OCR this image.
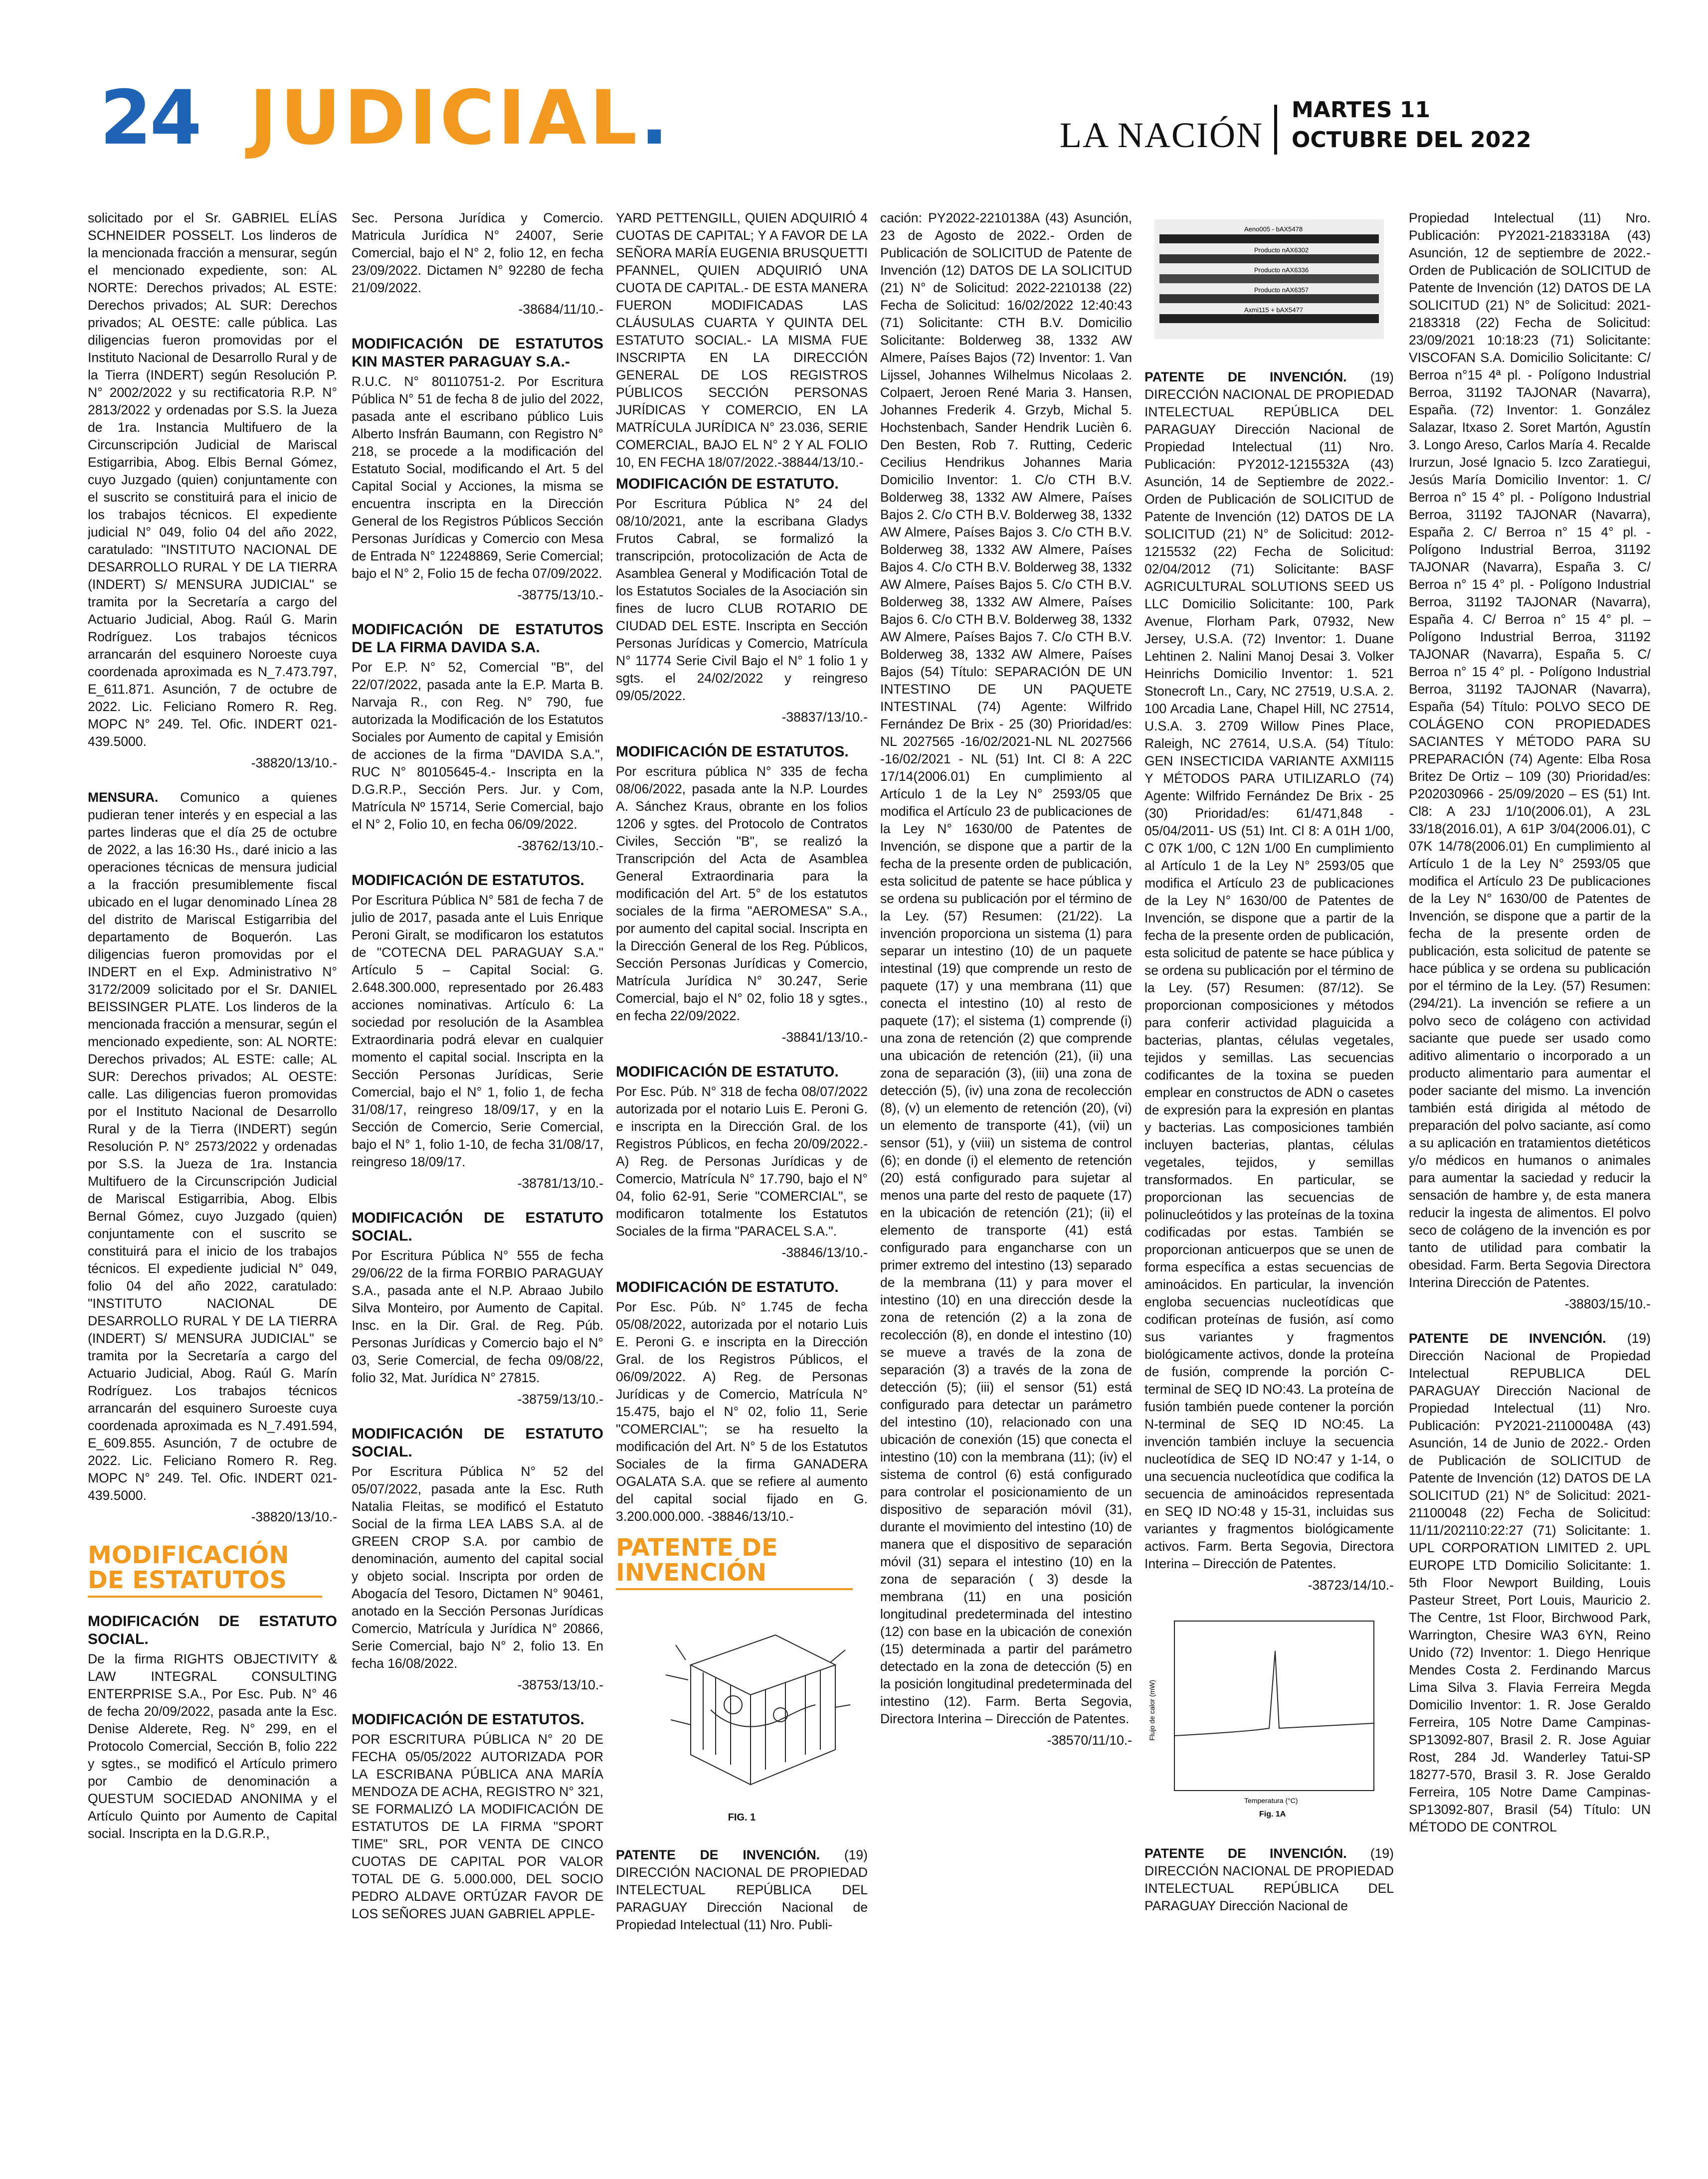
24 JUDICIAL.	LA NACIÓN
MARTES 11
OCTUBRE DEL 2022

solicitado por el Sr. GABRIEL ELÍAS SCHNEIDER POSSELT. Los linderos de la mencionada fracción a mensurar, según el mencionado expediente, son: AL NORTE: Derechos privados; AL ESTE: Derechos privados; AL SUR: Derechos privados; AL OESTE: calle pública. Las diligencias fueron promovidas por el Instituto Nacional de Desarrollo Rural y de la Tierra (INDERT) según Resolución P. N° 2002/2022 y su rectificatoria R.P. N° 2813/2022 y ordenadas por S.S. la Jueza de 1ra. Instancia Multifuero de la Circunscripción Judicial de Mariscal Estigarribia, Abog. Elbis Bernal Gómez, cuyo Juzgado (quien) conjuntamente con el suscrito se constituirá para el inicio de los trabajos técnicos. El expediente judicial N° 049, folio 04 del año 2022, caratulado: "INSTITUTO NACIONAL DE DESARROLLO RURAL Y DE LA TIERRA (INDERT) S/ MENSURA JUDICIAL" se tramita por la Secretaría a cargo del Actuario Judicial, Abog. Raúl G. Marin Rodríguez. Los trabajos técnicos arrancarán del esquinero Noroeste cuya coordenada aproximada es N_7.473.797, E_611.871. Asunción, 7 de octubre de 2022. Lic. Feliciano Romero R. Reg. MOPC N° 249. Tel. Ofic. INDERT 021-439.5000.

-38820/13/10.-

MENSURA. Comunico a quienes pudieran tener interés y en especial a las partes linderas que el día 25 de octubre de 2022, a las 16:30 Hs., daré inicio a las operaciones técnicas de mensura judicial a la fracción presumiblemente fiscal ubicado en el lugar denominado Línea 28 del distrito de Mariscal Estigarribia del departamento de Boquerón. Las diligencias fueron promovidas por el INDERT en el Exp. Administrativo N° 3172/2009 solicitado por el Sr. DANIEL BEISSINGER PLATE. Los linderos de la mencionada fracción a mensurar, según el mencionado expediente, son: AL NORTE: Derechos privados; AL ESTE: calle; AL SUR: Derechos privados; AL OESTE: calle. Las diligencias fueron promovidas por el Instituto Nacional de Desarrollo Rural y de la Tierra (INDERT) según Resolución P. N° 2573/2022 y ordenadas por S.S. la Jueza de 1ra. Instancia Multifuero de la Circunscripción Judicial de Mariscal Estigarribia, Abog. Elbis Bernal Gómez, cuyo Juzgado (quien) conjuntamente con el suscrito se constituirá para el inicio de los trabajos técnicos. El expediente judicial N° 049, folio 04 del año 2022, caratulado: "INSTITUTO NACIONAL DE DESARROLLO RURAL Y DE LA TIERRA (INDERT) S/ MENSURA JUDICIAL" se tramita por la Secretaría a cargo del Actuario Judicial, Abog. Raúl G. Marín Rodríguez. Los trabajos técnicos arrancarán del esquinero Suroeste cuya coordenada aproximada es N_7.491.594, E_609.855. Asunción, 7 de octubre de 2022. Lic. Feliciano Romero R. Reg. MOPC N° 249. Tel. Ofic. INDERT 021-439.5000.

-38820/13/10.-

MODIFICACIÓN
DE ESTATUTOS

MODIFICACIÓN DE ESTATUTO SOCIAL.

De la firma RIGHTS OBJECTIVITY & LAW INTEGRAL CONSULTING ENTERPRISE S.A., Por Esc. Pub. N° 46 de fecha 20/09/2022, pasada ante la Esc. Denise Alderete, Reg. N° 299, en el Protocolo Comercial, Sección B, folio 222 y sgtes., se modificó el Artículo primero por Cambio de denominación a QUESTUM SOCIEDAD ANONIMA y el Artículo Quinto por Aumento de Capital social. Inscripta en la D.G.R.P.,

Sec. Persona Jurídica y Comercio. Matricula Jurídica N° 24007, Serie Comercial, bajo el N° 2, folio 12, en fecha 23/09/2022. Dictamen N° 92280 de fecha 21/09/2022.

-38684/11/10.-

MODIFICACIÓN DE ESTATUTOS KIN MASTER PARAGUAY S.A.-

R.U.C. N° 80110751-2. Por Escritura Pública N° 51 de fecha 8 de julio del 2022, pasada ante el escribano público Luis Alberto Insfrán Baumann, con Registro N° 218, se procede a la modificación del Estatuto Social, modificando el Art. 5 del Capital Social y Acciones, la misma se encuentra inscripta en la Dirección General de los Registros Públicos Sección Personas Jurídicas y Comercio con Mesa de Entrada N° 12248869, Serie Comercial; bajo el N° 2, Folio 15 de fecha 07/09/2022.

-38775/13/10.-

MODIFICACIÓN DE ESTATUTOS DE LA FIRMA DAVIDA S.A.

Por E.P. N° 52, Comercial "B", del 22/07/2022, pasada ante la E.P. Marta B. Narvaja R., con Reg. N° 790, fue autorizada la Modificación de los Estatutos Sociales por Aumento de capital y Emisión de acciones de la firma "DAVIDA S.A.", RUC N° 80105645-4.- Inscripta en la D.G.R.P., Sección Pers. Jur. y Com, Matrícula Nº 15714, Serie Comercial, bajo el N° 2, Folio 10, en fecha 06/09/2022.

-38762/13/10.-

MODIFICACIÓN DE ESTATUTOS.

Por Escritura Pública N° 581 de fecha 7 de julio de 2017, pasada ante el Luis Enrique Peroni Giralt, se modificaron los estatutos de "COTECNA DEL PARAGUAY S.A." Artículo 5 – Capital Social: G. 2.648.300.000, representado por 26.483 acciones nominativas. Artículo 6: La sociedad por resolución de la Asamblea Extraordinaria podrá elevar en cualquier momento el capital social. Inscripta en la Sección Personas Jurídicas, Serie Comercial, bajo el N° 1, folio 1, de fecha 31/08/17, reingreso 18/09/17, y en la Sección de Comercio, Serie Comercial, bajo el N° 1, folio 1-10, de fecha 31/08/17, reingreso 18/09/17.

-38781/13/10.-

MODIFICACIÓN DE ESTATUTO SOCIAL.

Por Escritura Pública N° 555 de fecha 29/06/22 de la firma FORBIO PARAGUAY S.A., pasada ante el N.P. Abraao Jubilo Silva Monteiro, por Aumento de Capital. Insc. en la Dir. Gral. de Reg. Púb. Personas Jurídicas y Comercio bajo el N° 03, Serie Comercial, de fecha 09/08/22, folio 32, Mat. Jurídica N° 27815.

-38759/13/10.-

MODIFICACIÓN DE ESTATUTO SOCIAL.

Por Escritura Pública N° 52 del 05/07/2022, pasada ante la Esc. Ruth Natalia Fleitas, se modificó el Estatuto Social de la firma LEA LABS S.A. al de GREEN CROP S.A. por cambio de denominación, aumento del capital social y objeto social. Inscripta por orden de Abogacía del Tesoro, Dictamen N° 90461, anotado en la Sección Personas Jurídicas Comercio, Matrícula y Jurídica N° 20866, Serie Comercial, bajo N° 2, folio 13. En fecha 16/08/2022.

-38753/13/10.-

MODIFICACIÓN DE ESTATUTOS.

POR ESCRITURA PÚBLICA N° 20 DE FECHA 05/05/2022 AUTORIZADA POR LA ESCRIBANA PÚBLICA ANA MARÍA MENDOZA DE ACHA, REGISTRO N° 321, SE FORMALIZÓ LA MODIFICACIÓN DE ESTATUTOS DE LA FIRMA "SPORT TIME" SRL, POR VENTA DE CINCO CUOTAS DE CAPITAL POR VALOR TOTAL DE G. 5.000.000, DEL SOCIO PEDRO ALDAVE ORTÚZAR FAVOR DE LOS SEÑORES JUAN GABRIEL APPLE-

YARD PETTENGILL, QUIEN ADQUIRIÓ 4 CUOTAS DE CAPITAL; Y A FAVOR DE LA SEÑORA MARÍA EUGENIA BRUSQUETTI PFANNEL, QUIEN ADQUIRIÓ UNA CUOTA DE CAPITAL.- DE ESTA MANERA FUERON MODIFICADAS LAS CLÁUSULAS CUARTA Y QUINTA DEL ESTATUTO SOCIAL.- LA MISMA FUE INSCRIPTA EN LA DIRECCIÓN GENERAL DE LOS REGISTROS PÚBLICOS SECCIÓN PERSONAS JURÍDICAS Y COMERCIO, EN LA MATRÍCULA JURÍDICA N° 23.036, SERIE COMERCIAL, BAJO EL N° 2 Y AL FOLIO 10, EN FECHA 18/07/2022.-38844/13/10.-

MODIFICACIÓN DE ESTATUTO.

Por Escritura Pública N° 24 del 08/10/2021, ante la escribana Gladys Frutos Cabral, se formalizó la transcripción, protocolización de Acta de Asamblea General y Modificación Total de los Estatutos Sociales de la Asociación sin fines de lucro CLUB ROTARIO DE CIUDAD DEL ESTE. Inscripta en Sección Personas Jurídicas y Comercio, Matrícula N° 11774 Serie Civil Bajo el N° 1 folio 1 y sgts. el 24/02/2022 y reingreso 09/05/2022.

-38837/13/10.-

MODIFICACIÓN DE ESTATUTOS.

Por escritura pública N° 335 de fecha 08/06/2022, pasada ante la N.P. Lourdes A. Sánchez Kraus, obrante en los folios 1206 y sgtes. del Protocolo de Contratos Civiles, Sección "B", se realizó la Transcripción del Acta de Asamblea General Extraordinaria para la modificación del Art. 5° de los estatutos sociales de la firma "AEROMESA" S.A., por aumento del capital social. Inscripta en la Dirección General de los Reg. Públicos, Sección Personas Jurídicas y Comercio, Matrícula Jurídica N° 30.247, Serie Comercial, bajo el N° 02, folio 18 y sgtes., en fecha 22/09/2022.

-38841/13/10.-

MODIFICACIÓN DE ESTATUTO.

Por Esc. Púb. N° 318 de fecha 08/07/2022 autorizada por el notario Luis E. Peroni G. e inscripta en la Dirección Gral. de los Registros Públicos, en fecha 20/09/2022.- A) Reg. de Personas Jurídicas y de Comercio, Matrícula N° 17.790, bajo el N° 04, folio 62-91, Serie "COMERCIAL", se modificaron totalmente los Estatutos Sociales de la firma "PARACEL S.A.".

-38846/13/10.-

MODIFICACIÓN DE ESTATUTO.

Por Esc. Púb. N° 1.745 de fecha 05/08/2022, autorizada por el notario Luis E. Peroni G. e inscripta en la Dirección Gral. de los Registros Públicos, el 06/09/2022. A) Reg. de Personas Jurídicas y de Comercio, Matrícula N° 15.475, bajo el N° 02, folio 11, Serie "COMERCIAL"; se ha resuelto la modificación del Art. N° 5 de los Estatutos Sociales de la firma GANADERA OGALATA S.A. que se refiere al aumento del capital social fijado en G. 3.200.000.000. -38846/13/10.-

PATENTE DE
INVENCIÓN
FIG. 1

PATENTE DE INVENCIÓN. (19) DIRECCIÓN NACIONAL DE PROPIEDAD INTELECTUAL REPÚBLICA DEL PARAGUAY Dirección Nacional de Propiedad Intelectual (11) Nro. Publi-

cación: PY2022-2210138A (43) Asunción, 23 de Agosto de 2022.- Orden de Publicación de SOLICITUD de Patente de Invención (12) DATOS DE LA SOLICITUD (21) N° de Solicitud: 2022-2210138 (22) Fecha de Solicitud: 16/02/2022 12:40:43 (71) Solicitante: CTH B.V. Domicilio Solicitante: Bolderweg 38, 1332 AW Almere, Países Bajos (72) Inventor: 1. Van Lijssel, Johannes Wilhelmus Nicolaas 2. Colpaert, Jeroen René Maria 3. Hansen, Johannes Frederik 4. Grzyb, Michal 5. Hochstenbach, Sander Hendrik Lucièn 6. Den Besten, Rob 7. Rutting, Cederic Cecilius Hendrikus Johannes Maria Domicilio Inventor: 1. C/o CTH B.V. Bolderweg 38, 1332 AW Almere, Países Bajos 2. C/o CTH B.V. Bolderweg 38, 1332 AW Almere, Países Bajos 3. C/o CTH B.V. Bolderweg 38, 1332 AW Almere, Países Bajos 4. C/o CTH B.V. Bolderweg 38, 1332 AW Almere, Países Bajos 5. C/o CTH B.V. Bolderweg 38, 1332 AW Almere, Países Bajos 6. C/o CTH B.V. Bolderweg 38, 1332 AW Almere, Países Bajos 7. C/o CTH B.V. Bolderweg 38, 1332 AW Almere, Países Bajos (54) Título: SEPARACIÓN DE UN INTESTINO DE UN PAQUETE INTESTINAL (74) Agente: Wilfrido Fernández De Brix - 25 (30) Prioridad/es: NL 2027565 -16/02/2021-NL NL 2027566 -16/02/2021 - NL (51) Int. Cl 8: A 22C 17/14(2006.01) En cumplimiento al Artículo 1 de la Ley N° 2593/05 que modifica el Artículo 23 de publicaciones de la Ley N° 1630/00 de Patentes de Invención, se dispone que a partir de la fecha de la presente orden de publicación, esta solicitud de patente se hace pública y se ordena su publicación por el término de la Ley. (57) Resumen: (21/22). La invención proporciona un sistema (1) para separar un intestino (10) de un paquete intestinal (19) que comprende un resto de paquete (17) y una membrana (11) que conecta el intestino (10) al resto de paquete (17); el sistema (1) comprende (i) una zona de retención (2) que comprende una ubicación de retención (21), (ii) una zona de separación (3), (iii) una zona de detección (5), (iv) una zona de recolección (8), (v) un elemento de retención (20), (vi) un elemento de transporte (41), (vii) un sensor (51), y (viii) un sistema de control (6); en donde (i) el elemento de retención (20) está configurado para sujetar al menos una parte del resto de paquete (17) en la ubicación de retención (21); (ii) el elemento de transporte (41) está configurado para engancharse con un primer extremo del intestino (13) separado de la membrana (11) y para mover el intestino (10) en una dirección desde la zona de retención (2) a la zona de recolección (8), en donde el intestino (10) se mueve a través de la zona de separación (3) a través de la zona de detección (5); (iii) el sensor (51) está configurado para detectar un parámetro del intestino (10), relacionado con una ubicación de conexión (15) que conecta el intestino (10) con la membrana (11); (iv) el sistema de control (6) está configurado para controlar el posicionamiento de un dispositivo de separación móvil (31), durante el movimiento del intestino (10) de manera que el dispositivo de separación móvil (31) separa el intestino (10) en la zona de separación ( 3) desde la membrana (11) en una posición longitudinal predeterminada del intestino (12) con base en la ubicación de conexión (15) determinada a partir del parámetro detectado en la zona de detección (5) en la posición longitudinal predeterminada del intestino (12). Farm. Berta Segovia, Directora Interina – Dirección de Patentes.

-38570/11/10.-

Aeno005 - bAX5478
Producto nAX6302
Producto nAX6336
Producto nAX6357
Axmi115 + bAX5477

PATENTE DE INVENCIÓN. (19) DIRECCIÓN NACIONAL DE PROPIEDAD INTELECTUAL REPÚBLICA DEL PARAGUAY Dirección Nacional de Propiedad Intelectual (11) Nro. Publicación: PY2012-1215532A (43) Asunción, 14 de Septiembre de 2022.- Orden de Publicación de SOLICITUD de Patente de Invención (12) DATOS DE LA SOLICITUD (21) N° de Solicitud: 2012-1215532 (22) Fecha de Solicitud: 02/04/2012 (71) Solicitante: BASF AGRICULTURAL SOLUTIONS SEED US LLC Domicilio Solicitante: 100, Park Avenue, Florham Park, 07932, New Jersey, U.S.A. (72) Inventor: 1. Duane Lehtinen 2. Nalini Manoj Desai 3. Volker Heinrichs Domicilio Inventor: 1. 521 Stonecroft Ln., Cary, NC 27519, U.S.A. 2. 100 Arcadia Lane, Chapel Hill, NC 27514, U.S.A. 3. 2709 Willow Pines Place, Raleigh, NC 27614, U.S.A. (54) Título: GEN INSECTICIDA VARIANTE AXMI115 Y MÉTODOS PARA UTILIZARLO (74) Agente: Wilfrido Fernández De Brix - 25 (30) Prioridad/es: 61/471,848 - 05/04/2011- US (51) Int. Cl 8: A 01H 1/00, C 07K 1/00, C 12N 1/00 En cumplimiento al Artículo 1 de la Ley N° 2593/05 que modifica el Artículo 23 de publicaciones de la Ley N° 1630/00 de Patentes de Invención, se dispone que a partir de la fecha de la presente orden de publicación, esta solicitud de patente se hace pública y se ordena su publicación por el término de la Ley. (57) Resumen: (87/12). Se proporcionan composiciones y métodos para conferir actividad plaguicida a bacterias, plantas, células vegetales, tejidos y semillas. Las secuencias codificantes de la toxina se pueden emplear en constructos de ADN o casetes de expresión para la expresión en plantas y bacterias. Las composiciones también incluyen bacterias, plantas, células vegetales, tejidos, y semillas transformados. En particular, se proporcionan las secuencias de polinucleótidos y las proteínas de la toxina codificadas por estas. También se proporcionan anticuerpos que se unen de forma específica a estas secuencias de aminoácidos. En particular, la invención engloba secuencias nucleotídicas que codifican proteínas de fusión, así como sus variantes y fragmentos biológicamente activos, donde la proteína de fusión, comprende la porción C-terminal de SEQ ID NO:43. La proteína de fusión también puede contener la porción N-terminal de SEQ ID NO:45. La invención también incluye la secuencia nucleotídica de SEQ ID NO:47 y 1-14, o una secuencia nucleotídica que codifica la secuencia de aminoácidos representada en SEQ ID NO:48 y 15-31, incluidas sus variantes y fragmentos biológicamente activos. Farm. Berta Segovia, Directora Interina – Dirección de Patentes.

-38723/14/10.-

Flujo de calor (mW)
Temperatura (°C)
Fig. 1A

PATENTE DE INVENCIÓN. (19) DIRECCIÓN NACIONAL DE PROPIEDAD INTELECTUAL REPÚBLICA DEL PARAGUAY Dirección Nacional de

Propiedad Intelectual (11) Nro. Publicación: PY2021-2183318A (43) Asunción, 12 de septiembre de 2022.- Orden de Publicación de SOLICITUD de Patente de Invención (12) DATOS DE LA SOLICITUD (21) N° de Solicitud: 2021-2183318 (22) Fecha de Solicitud: 23/09/2021 10:18:23 (71) Solicitante: VISCOFAN S.A. Domicilio Solicitante: C/ Berroa n°15 4ª pl. - Polígono Industrial Berroa, 31192 TAJONAR (Navarra), España. (72) Inventor: 1. González Salazar, Itxaso 2. Soret Martón, Agustín 3. Longo Areso, Carlos María 4. Recalde Irurzun, José Ignacio 5. Izco Zaratiegui, Jesús María Domicilio Inventor: 1. C/ Berroa n° 15 4° pl. - Polígono Industrial Berroa, 31192 TAJONAR (Navarra), España 2. C/ Berroa n° 15 4° pl. - Polígono Industrial Berroa, 31192 TAJONAR (Navarra), España 3. C/ Berroa n° 15 4° pl. - Polígono Industrial Berroa, 31192 TAJONAR (Navarra), España 4. C/ Berroa n° 15 4° pl. – Polígono Industrial Berroa, 31192 TAJONAR (Navarra), España 5. C/ Berroa n° 15 4° pl. - Polígono Industrial Berroa, 31192 TAJONAR (Navarra), España (54) Título: POLVO SECO DE COLÁGENO CON PROPIEDADES SACIANTES Y MÉTODO PARA SU PREPARACIÓN (74) Agente: Elba Rosa Britez De Ortiz – 109 (30) Prioridad/es: P202030966 - 25/09/2020 – ES (51) Int. Cl8: A 23J 1/10(2006.01), A 23L 33/18(2016.01), A 61P 3/04(2006.01), C 07K 14/78(2006.01) En cumplimiento al Artículo 1 de la Ley N° 2593/05 que modifica el Artículo 23 De publicaciones de la Ley N° 1630/00 de Patentes de Invención, se dispone que a partir de la fecha de la presente orden de publicación, esta solicitud de patente se hace pública y se ordena su publicación por el término de la Ley. (57) Resumen: (294/21). La invención se refiere a un polvo seco de colágeno con actividad saciante que puede ser usado como aditivo alimentario o incorporado a un producto alimentario para aumentar el poder saciante del mismo. La invención también está dirigida al método de preparación del polvo saciante, así como a su aplicación en tratamientos dietéticos y/o médicos en humanos o animales para aumentar la saciedad y reducir la sensación de hambre y, de esta manera reducir la ingesta de alimentos. El polvo seco de colágeno de la invención es por tanto de utilidad para combatir la obesidad. Farm. Berta Segovia Directora Interina Dirección de Patentes.

-38803/15/10.-

PATENTE DE INVENCIÓN. (19) Dirección Nacional de Propiedad Intelectual REPUBLICA DEL PARAGUAY Dirección Nacional de Propiedad Intelectual (11) Nro. Publicación: PY2021-21100048A (43) Asunción, 14 de Junio de 2022.- Orden de Publicación de SOLICITUD de Patente de Invención (12) DATOS DE LA SOLICITUD (21) N° de Solicitud: 2021-21100048 (22) Fecha de Solicitud: 11/11/202110:22:27 (71) Solicitante: 1. UPL CORPORATION LIMITED 2. UPL EUROPE LTD Domicilio Solicitante: 1. 5th Floor Newport Building, Louis Pasteur Street, Port Louis, Mauricio 2. The Centre, 1st Floor, Birchwood Park, Warrington, Chesire WA3 6YN, Reino Unido (72) Inventor: 1. Diego Henrique Mendes Costa 2. Ferdinando Marcus Lima Silva 3. Flavia Ferreira Megda Domicilio Inventor: 1. R. Jose Geraldo Ferreira, 105 Notre Dame Campinas-SP13092-807, Brasil 2. R. Jose Aguiar Rost, 284 Jd. Wanderley Tatui-SP 18277-570, Brasil 3. R. Jose Geraldo Ferreira, 105 Notre Dame Campinas-SP13092-807, Brasil (54) Título: UN MÉTODO DE CONTROL
